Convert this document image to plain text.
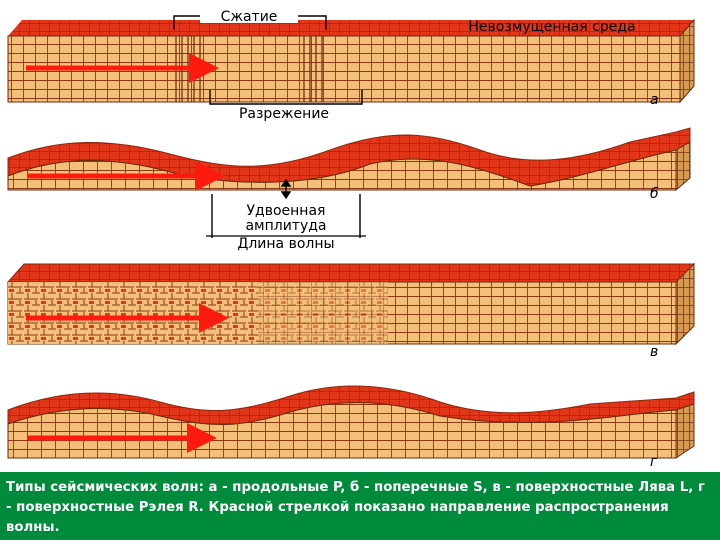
Сжатие
Невозмущенная среда
Разрежение
а
Удвоенная
амплитуда
Длина волны
б
в
г

Типы сейсмических волн: а - продольные P, б - поперечные S, в - поверхностные Лява L, г - поверхностные Рэлея R. Красной стрелкой показано направление распространения волны.
